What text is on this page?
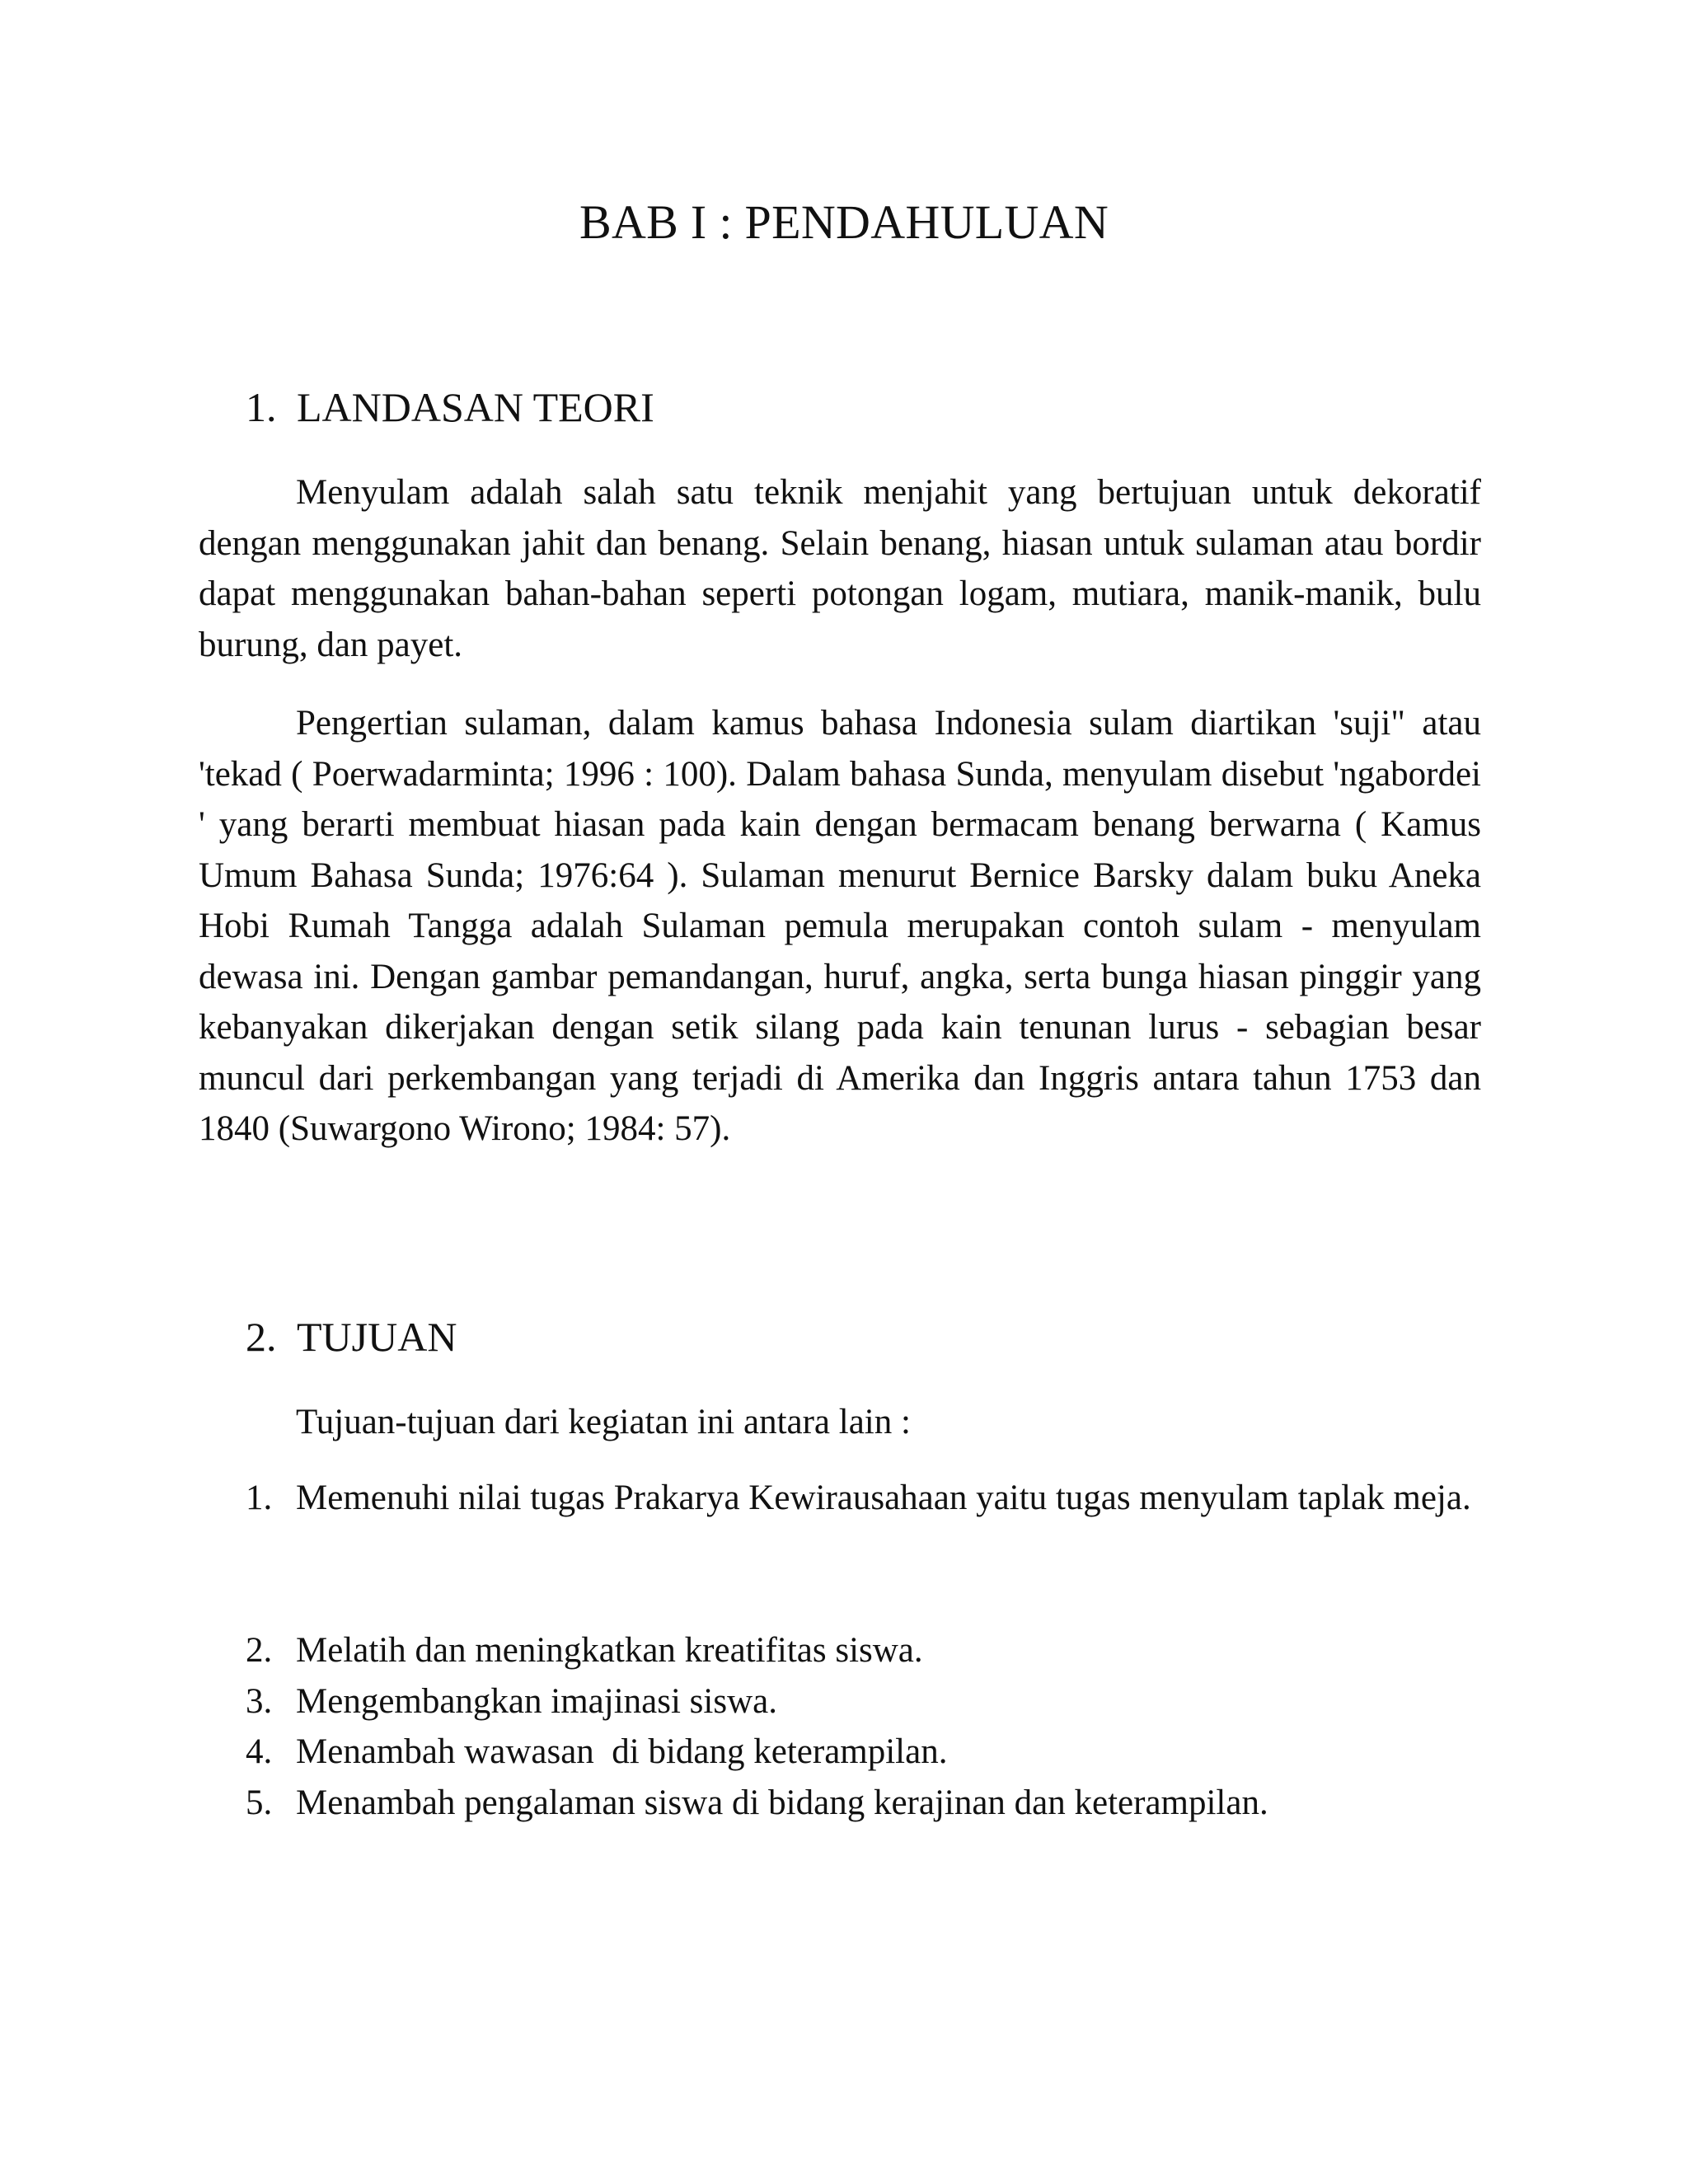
BAB I : PENDAHULUAN
1. LANDASAN TEORI

Menyulam adalah salah satu teknik menjahit yang bertujuan untuk dekoratif dengan menggunakan jahit dan benang. Selain benang, hiasan untuk sulaman atau bordir dapat menggunakan bahan-bahan seperti potongan logam, mutiara, manik-manik, bulu burung, dan payet.

Pengertian sulaman, dalam kamus bahasa Indonesia sulam diartikan 'suji" atau 'tekad ( Poerwadarminta; 1996 : 100). Dalam bahasa Sunda, menyulam disebut 'ngabordei ' yang berarti membuat hiasan pada kain dengan bermacam benang berwarna ( Kamus Umum Bahasa Sunda; 1976:64 ). Sulaman menurut Bernice Barsky dalam buku Aneka Hobi Rumah Tangga adalah Sulaman pemula merupakan contoh sulam - menyulam dewasa ini. Dengan gambar pemandangan, huruf, angka, serta bunga hiasan pinggir yang kebanyakan dikerjakan dengan setik silang pada kain tenunan lurus - sebagian besar muncul dari perkembangan yang terjadi di Amerika dan Inggris antara tahun 1753 dan 1840 (Suwargono Wirono; 1984: 57).

2. TUJUAN

Tujuan-tujuan dari kegiatan ini antara lain :

1. Memenuhi nilai tugas Prakarya Kewirausahaan yaitu tugas menyulam taplak meja.
2. Melatih dan meningkatkan kreatifitas siswa.
3. Mengembangkan imajinasi siswa.
4. Menambah wawasan  di bidang keterampilan.
5. Menambah pengalaman siswa di bidang kerajinan dan keterampilan.
